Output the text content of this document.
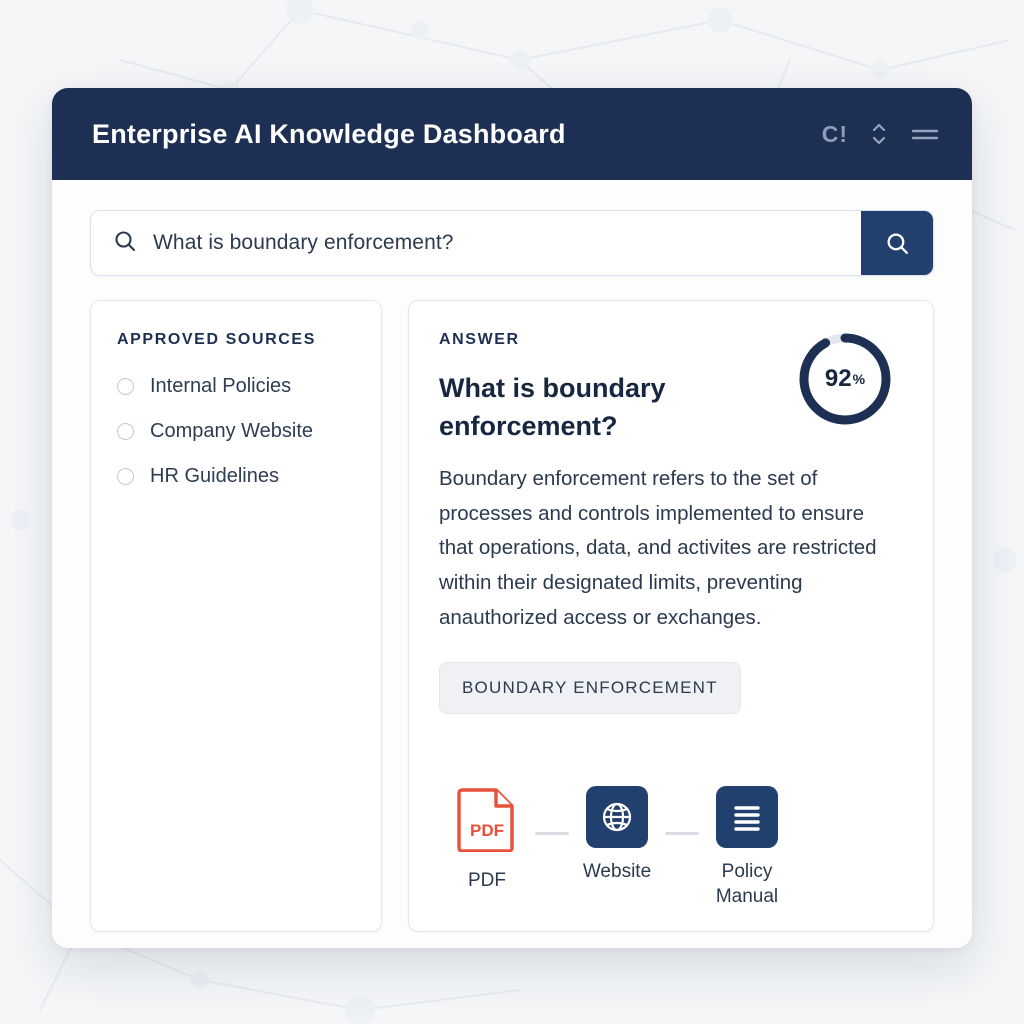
Enterprise AI Knowledge Dashboard	C!
What is boundary enforcement?
APPROVED SOURCES
Internal Policies
Company Website
HR Guidelines
ANSWER
92 %
What is boundary enforcement?
Boundary enforcement refers to the set of processes and controls implemented to ensure that operations, data, and activites are restricted within their designated limits, preventing anauthorized access or exchanges.
BOUNDARY ENFORCEMENT
PDF
PDF	Website	Policy Manual
